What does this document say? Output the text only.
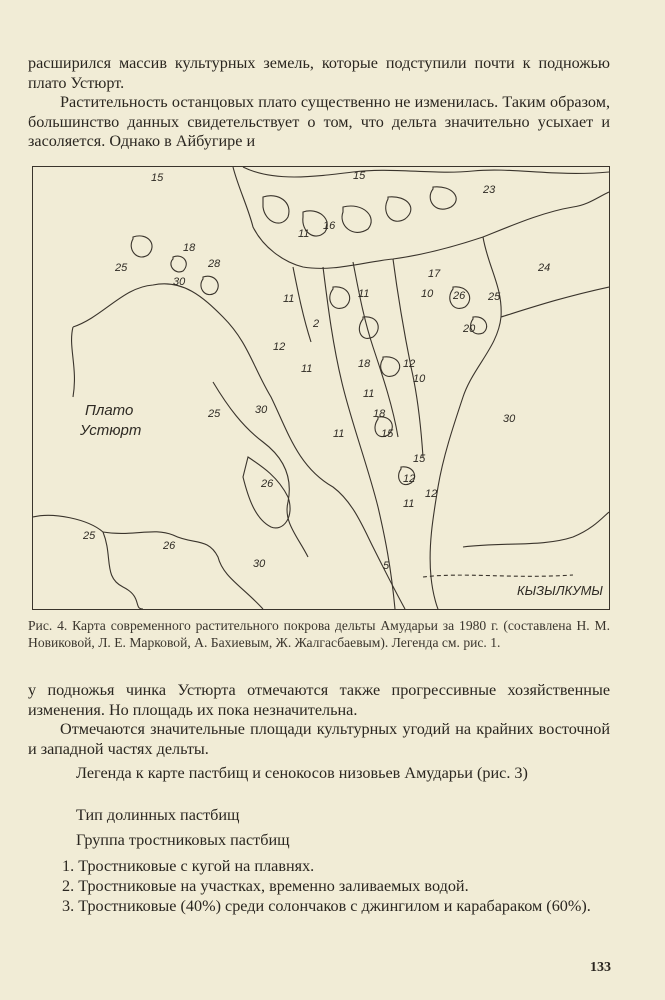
расширился массив культурных земель, которые подступили почти к подножью плато Устюрт.

Растительность останцовых плато существенно не изменилась. Таким образом, большинство данных свидетельствует о том, что дельта значительно усыхает и засоляется. Однако в Айбугире и

15	15
23
18
25
30
28
11
16
17
10	25
24
26
20
11
2
12
11	18	12
10
30
26
30
25
26
30	5
11
12
15
15
18
11
11
12
25
11
Плато
Устюрт
КЫЗЫЛКУМЫ

Рис. 4. Карта современного растительного покрова дельты Амударьи за 1980 г. (составлена Н. М. Новиковой, Л. Е. Марковой, А. Бахиевым, Ж. Жалгасбаевым). Легенда см. рис. 1.

у подножья чинка Устюрта отмечаются также прогрессивные хозяйственные изменения. Но площадь их пока незначительна.

Отмечаются значительные площади культурных угодий на крайних восточной и западной частях дельты.

Легенда к карте пастбищ и сенокосов низовьев Амударьи (рис. 3)

Тип долинных пастбищ

Группа тростниковых пастбищ

1. Тростниковые с кугой на плавнях.

2. Тростниковые на участках, временно заливаемых водой.

3. Тростниковые (40%) среди солончаков с джингилом и карабараком (60%).

133
